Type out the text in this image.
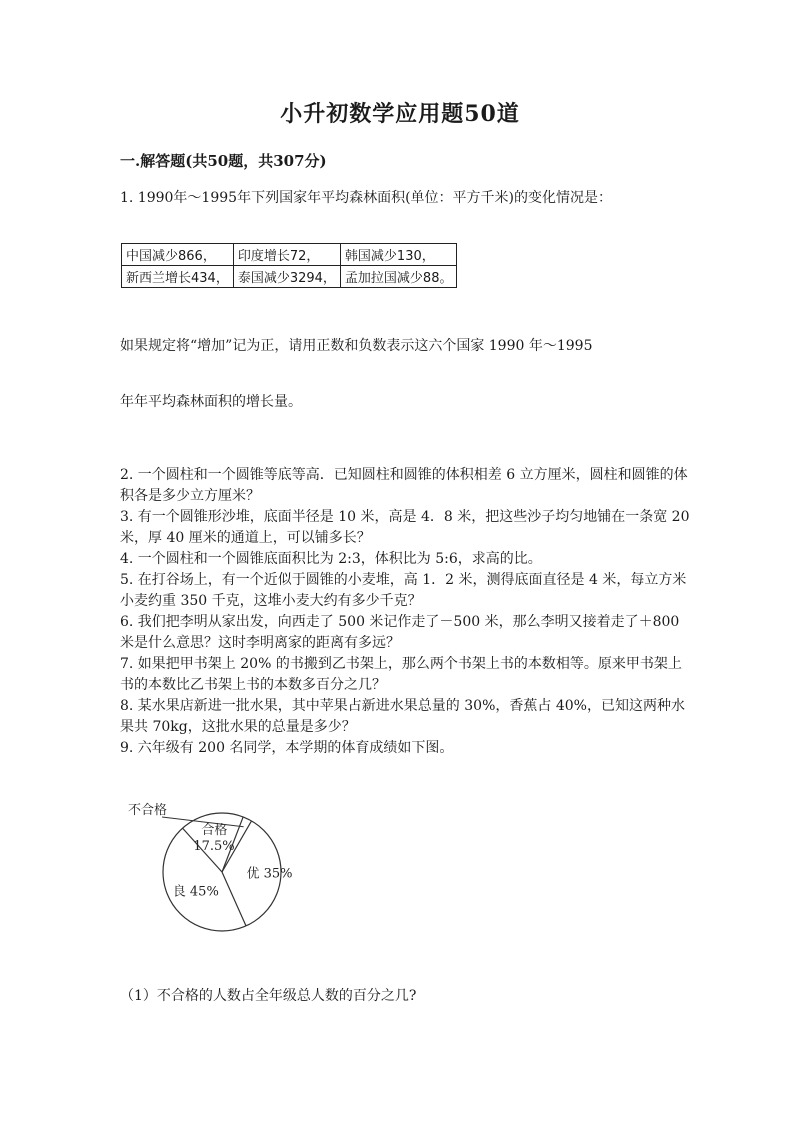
小升初数学应用题50道
一.解答题(共50题，共307分)
1. 1990年～1995年下列国家年平均森林面积(单位：平方千米)的变化情况是：
中国减少866，	印度增长72，	韩国减少130，
新西兰增长434，	泰国减少3294，	孟加拉国减少88。
如果规定将“增加”记为正，请用正数和负数表示这六个国家 1990 年～1995
年年平均森林面积的增长量。
2. 一个圆柱和一个圆锥等底等高．已知圆柱和圆锥的体积相差 6 立方厘米，圆柱和圆锥的体积各是多少立方厘米？
3. 有一个圆锥形沙堆，底面半径是 10 米，高是 4．8 米，把这些沙子均匀地铺在一条宽 20 米，厚 40 厘米的通道上，可以铺多长？
4. 一个圆柱和一个圆锥底面积比为 2:3，体积比为 5:6，求高的比。
5. 在打谷场上，有一个近似于圆锥的小麦堆，高 1．2 米，测得底面直径是 4 米，每立方米小麦约重 350 千克，这堆小麦大约有多少千克？
6. 我们把李明从家出发，向西走了 500 米记作走了－500 米，那么李明又接着走了＋800 米是什么意思？这时李明离家的距离有多远？
7. 如果把甲书架上 20% 的书搬到乙书架上，那么两个书架上书的本数相等。原来甲书架上书的本数比乙书架上书的本数多百分之几？
8. 某水果店新进一批水果，其中苹果占新进水果总量的 30%，香蕉占 40%，已知这两种水果共 70kg，这批水果的总量是多少？
9. 六年级有 200 名同学，本学期的体育成绩如下图。
优 35%
良 45%
合格
17.5%
不合格
（1）不合格的人数占全年级总人数的百分之几?
